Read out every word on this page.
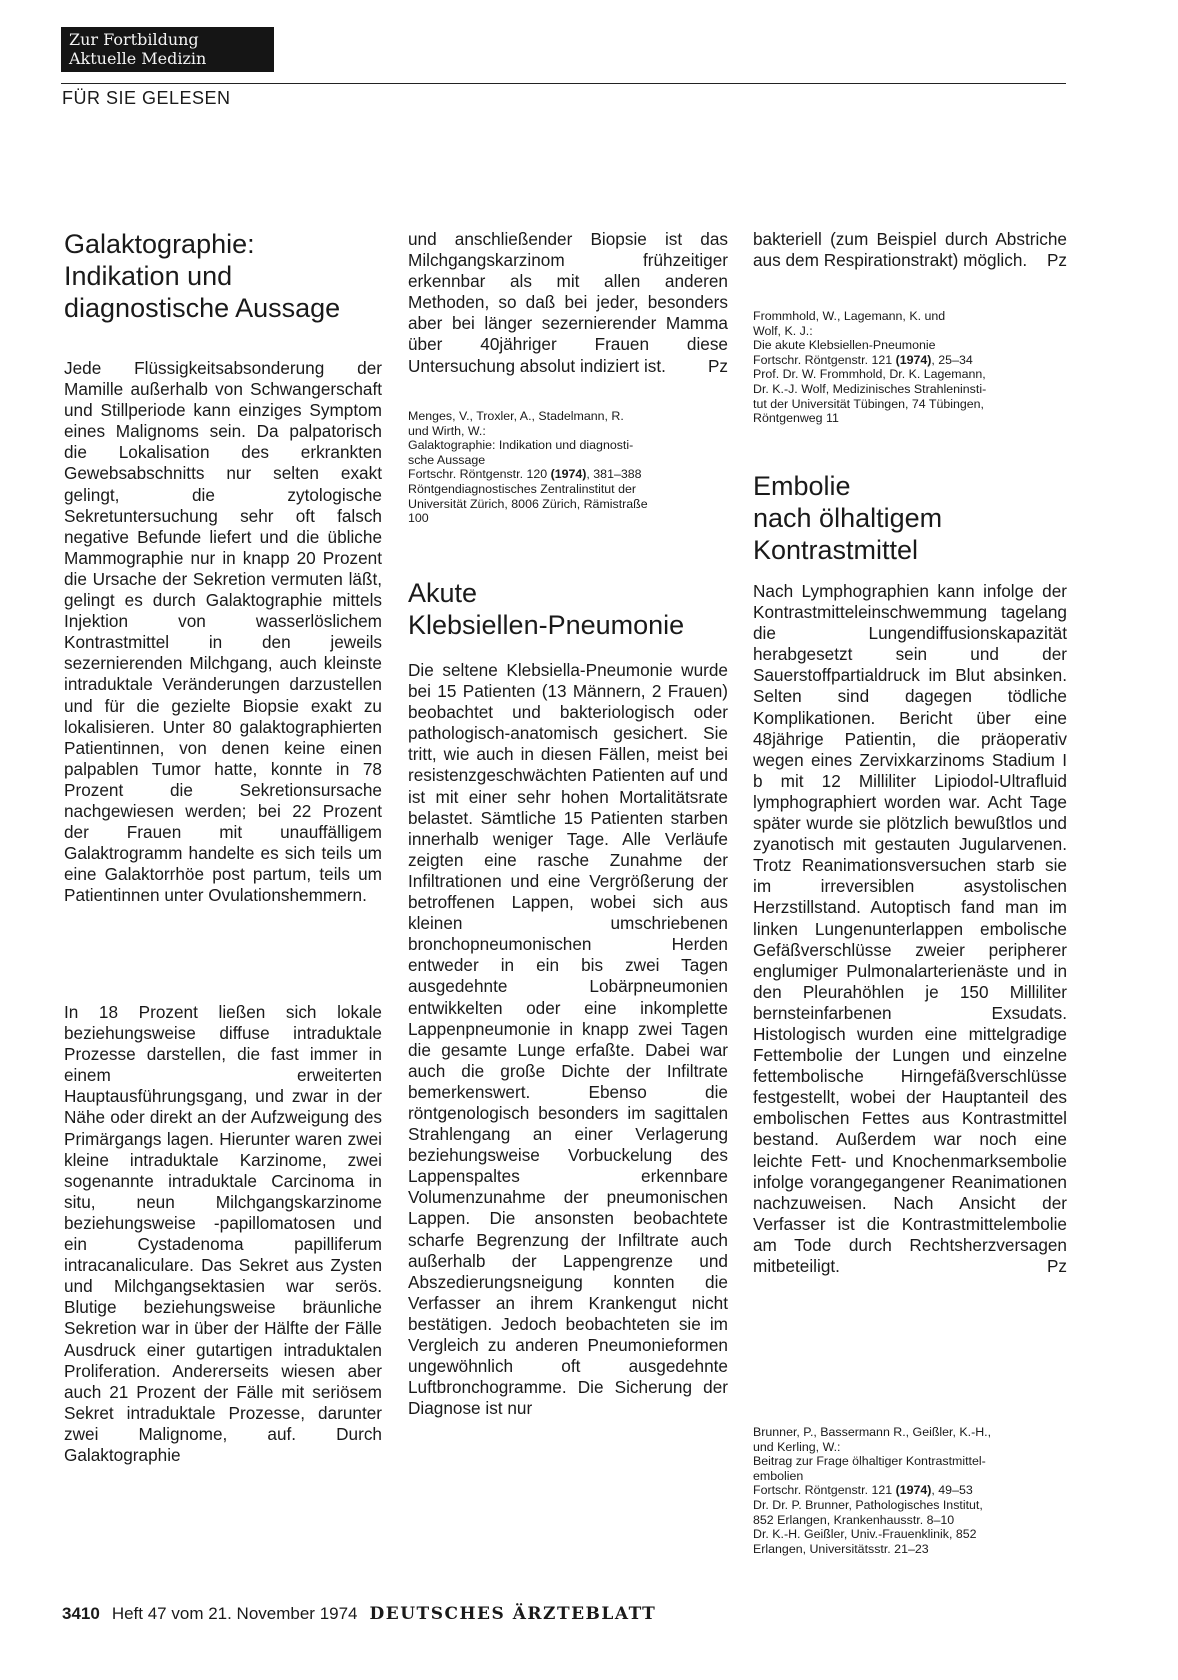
Zur Fortbildung
Aktuelle Medizin
FÜR SIE GELESEN
Galaktographie:
Indikation und
diagnostische Aussage

Jede Flüssigkeitsabsonderung der Mamille außerhalb von Schwangerschaft und Stillperiode kann einziges Symptom eines Malignoms sein. Da palpatorisch die Lokalisation des erkrankten Gewebsabschnitts nur selten exakt gelingt, die zytologische Sekretuntersuchung sehr oft falsch negative Befunde liefert und die übliche Mammographie nur in knapp 20 Prozent die Ursache der Sekretion vermuten läßt, gelingt es durch Galaktographie mittels Injektion von wasserlöslichem Kontrastmittel in den jeweils sezernierenden Milchgang, auch kleinste intraduktale Veränderungen darzustellen und für die gezielte Biopsie exakt zu lokalisieren. Unter 80 galaktographierten Patientinnen, von denen keine einen palpablen Tumor hatte, konnte in 78 Prozent die Sekretionsursache nachgewiesen werden; bei 22 Prozent der Frauen mit unauffälligem Galaktrogramm handelte es sich teils um eine Galaktorrhöe post partum, teils um Patientinnen unter Ovulationshemmern.

In 18 Prozent ließen sich lokale beziehungsweise diffuse intraduktale Prozesse darstellen, die fast immer in einem erweiterten Hauptausführungsgang, und zwar in der Nähe oder direkt an der Aufzweigung des Primärgangs lagen. Hierunter waren zwei kleine intraduktale Karzinome, zwei sogenannte intraduktale Carcinoma in situ, neun Milchgangskarzinome beziehungsweise -papillomatosen und ein Cystadenoma papilliferum intracanaliculare. Das Sekret aus Zysten und Milchgangsektasien war serös. Blutige beziehungsweise bräunliche Sekretion war in über der Hälfte der Fälle Ausdruck einer gutartigen intraduktalen Proliferation. Andererseits wiesen aber auch 21 Prozent der Fälle mit seriösem Sekret intraduktale Prozesse, darunter zwei Malignome, auf. Durch Galaktographie

und anschließender Biopsie ist das Milchgangskarzinom frühzeitiger erkennbar als mit allen anderen Methoden, so daß bei jeder, besonders aber bei länger sezernierender Mamma über 40jähriger Frauen diese Untersuchung absolut indiziert ist.	Pz
Menges, V., Troxler, A., Stadelmann, R.
und Wirth, W.:
Galaktographie: Indikation und diagnosti-
sche Aussage
Fortschr. Röntgenstr. 120 (1974), 381–388
Röntgendiagnostisches Zentralinstitut der
Universität Zürich, 8006 Zürich, Rämistraße
100
Akute
Klebsiellen-Pneumonie

Die seltene Klebsiella-Pneumonie wurde bei 15 Patienten (13 Männern, 2 Frauen) beobachtet und bakteriologisch oder pathologisch-anatomisch gesichert. Sie tritt, wie auch in diesen Fällen, meist bei resistenzgeschwächten Patienten auf und ist mit einer sehr hohen Mortalitätsrate belastet. Sämtliche 15 Patienten starben innerhalb weniger Tage. Alle Verläufe zeigten eine rasche Zunahme der Infiltrationen und eine Vergrößerung der betroffenen Lappen, wobei sich aus kleinen umschriebenen bronchopneumonischen Herden entweder in ein bis zwei Tagen ausgedehnte Lobärpneumonien entwikkelten oder eine inkomplette Lappenpneumonie in knapp zwei Tagen die gesamte Lunge erfaßte. Dabei war auch die große Dichte der Infiltrate bemerkenswert. Ebenso die röntgenologisch besonders im sagittalen Strahlengang an einer Verlagerung beziehungsweise Vorbuckelung des Lappenspaltes erkennbare Volumenzunahme der pneumonischen Lappen. Die ansonsten beobachtete scharfe Begrenzung der Infiltrate auch außerhalb der Lappengrenze und Abszedierungsneigung konnten die Verfasser an ihrem Krankengut nicht bestätigen. Jedoch beobachteten sie im Vergleich zu anderen Pneumonieformen ungewöhnlich oft ausgedehnte Luftbronchogramme. Die Sicherung der Diagnose ist nur

bakteriell (zum Beispiel durch Abstriche aus dem Respirationstrakt) möglich.	Pz
Frommhold, W., Lagemann, K. und
Wolf, K. J.:
Die akute Klebsiellen-Pneumonie
Fortschr. Röntgenstr. 121 (1974), 25–34
Prof. Dr. W. Frommhold, Dr. K. Lagemann,
Dr. K.-J. Wolf, Medizinisches Strahleninsti-
tut der Universität Tübingen, 74 Tübingen,
Röntgenweg 11
Embolie
nach ölhaltigem
Kontrastmittel
Nach Lymphographien kann infolge der Kontrastmitteleinschwemmung tagelang die Lungendiffusionskapazität herabgesetzt sein und der Sauerstoffpartialdruck im Blut absinken. Selten sind dagegen tödliche Komplikationen. Bericht über eine 48jährige Patientin, die präoperativ wegen eines Zervixkarzinoms Stadium I b mit 12 Milliliter Lipiodol-Ultrafluid lymphographiert worden war. Acht Tage später wurde sie plötzlich bewußtlos und zyanotisch mit gestauten Jugularvenen. Trotz Reanimationsversuchen starb sie im irreversiblen asystolischen Herzstillstand. Autoptisch fand man im linken Lungenunterlappen embolische Gefäßverschlüsse zweier peripherer englumiger Pulmonalarterienäste und in den Pleurahöhlen je 150 Milliliter bernsteinfarbenen Exsudats. Histologisch wurden eine mittelgradige Fettembolie der Lungen und einzelne fettembolische Hirngefäßverschlüsse festgestellt, wobei der Hauptanteil des embolischen Fettes aus Kontrastmittel bestand. Außerdem war noch eine leichte Fett- und Knochenmarksembolie infolge vorangegangener Reanimationen nachzuweisen. Nach Ansicht der Verfasser ist die Kontrastmittelembolie am Tode durch Rechtsherzversagen mitbeteiligt.	Pz
Brunner, P., Bassermann R., Geißler, K.-H.,
und Kerling, W.:
Beitrag zur Frage ölhaltiger Kontrastmittel-
embolien
Fortschr. Röntgenstr. 121 (1974), 49–53
Dr. Dr. P. Brunner, Pathologisches Institut,
852 Erlangen, Krankenhausstr. 8–10
Dr. K.-H. Geißler, Univ.-Frauenklinik, 852
Erlangen, Universitätsstr. 21–23
3410 Heft 47 vom 21. November 1974 DEUTSCHES ÄRZTEBLATT
